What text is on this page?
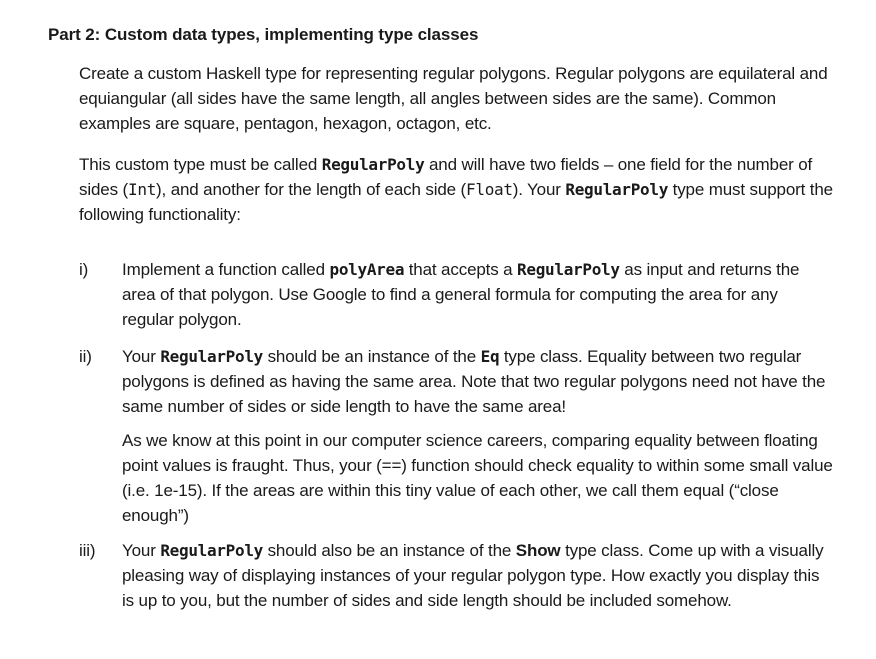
Part 2: Custom data types, implementing type classes
Create a custom Haskell type for representing regular polygons. Regular polygons are equilateral and equiangular (all sides have the same length, all angles between sides are the same). Common examples are square, pentagon, hexagon, octagon, etc.
This custom type must be called RegularPoly and will have two fields – one field for the number of sides (Int), and another for the length of each side (Float). Your RegularPoly type must support the following functionality:
i) Implement a function called polyArea that accepts a RegularPoly as input and returns the area of that polygon. Use Google to find a general formula for computing the area for any regular polygon.
ii) Your RegularPoly should be an instance of the Eq type class. Equality between two regular polygons is defined as having the same area. Note that two regular polygons need not have the same number of sides or side length to have the same area!
As we know at this point in our computer science careers, comparing equality between floating point values is fraught. Thus, your (==) function should check equality to within some small value (i.e. 1e-15). If the areas are within this tiny value of each other, we call them equal (“close enough”)
iii) Your RegularPoly should also be an instance of the Show type class. Come up with a visually pleasing way of displaying instances of your regular polygon type. How exactly you display this is up to you, but the number of sides and side length should be included somehow.
